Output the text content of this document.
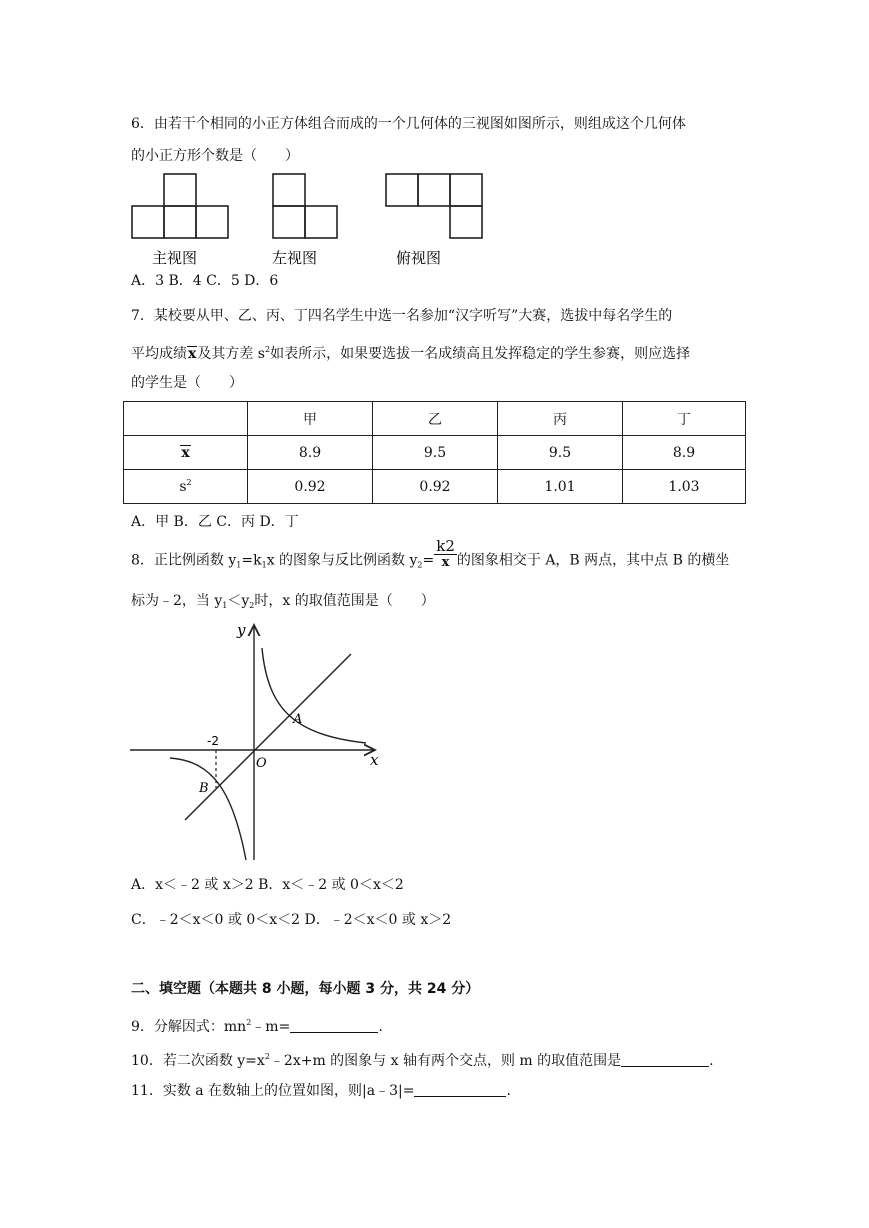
6．由若干个相同的小正方体组合而成的一个几何体的三视图如图所示，则组成这个几何体
的小正方形个数是（　　）
主视图	左视图	俯视图
A．3 B．4 C．5 D．6
7．某校要从甲、乙、丙、丁四名学生中选一名参加“汉字听写”大赛，选拔中每名学生的
平均成绩x及其方差 $s^2$如表所示，如果要选拔一名成绩高且发挥稳定的学生参赛，则应选择
的学生是（　　）
	甲	乙	丙	丁
x	8.9	9.5	9.5	8.9
$s^2$	0.92	0.92	1.01	1.03
A．甲 B．乙 C．丙 D．丁
8．正比例函数 $y_1=k_1x$ 的图象与反比例函数 $y_2= \frac{k2}{x}$ 的图象相交于 A，B 两点，其中点 B 的横坐
标为﹣2，当 $y_1<y_2$时，x 的取值范围是（　　）
y
x
O
A
B
-2
A．x＜﹣2 或 x＞2 B．x＜﹣2 或 0＜x＜2
C．﹣2＜x＜0 或 0＜x＜2 D．﹣2＜x＜0 或 x＞2
二、填空题（本题共 8 小题，每小题 3 分，共 24 分）
9．分解因式：$mn^2﹣m=$	.
10．若二次函数 $y=x^2﹣2x+m$ 的图象与 x 轴有两个交点，则 m 的取值范围是	.
11．实数 a 在数轴上的位置如图，则|a﹣3|=	.
